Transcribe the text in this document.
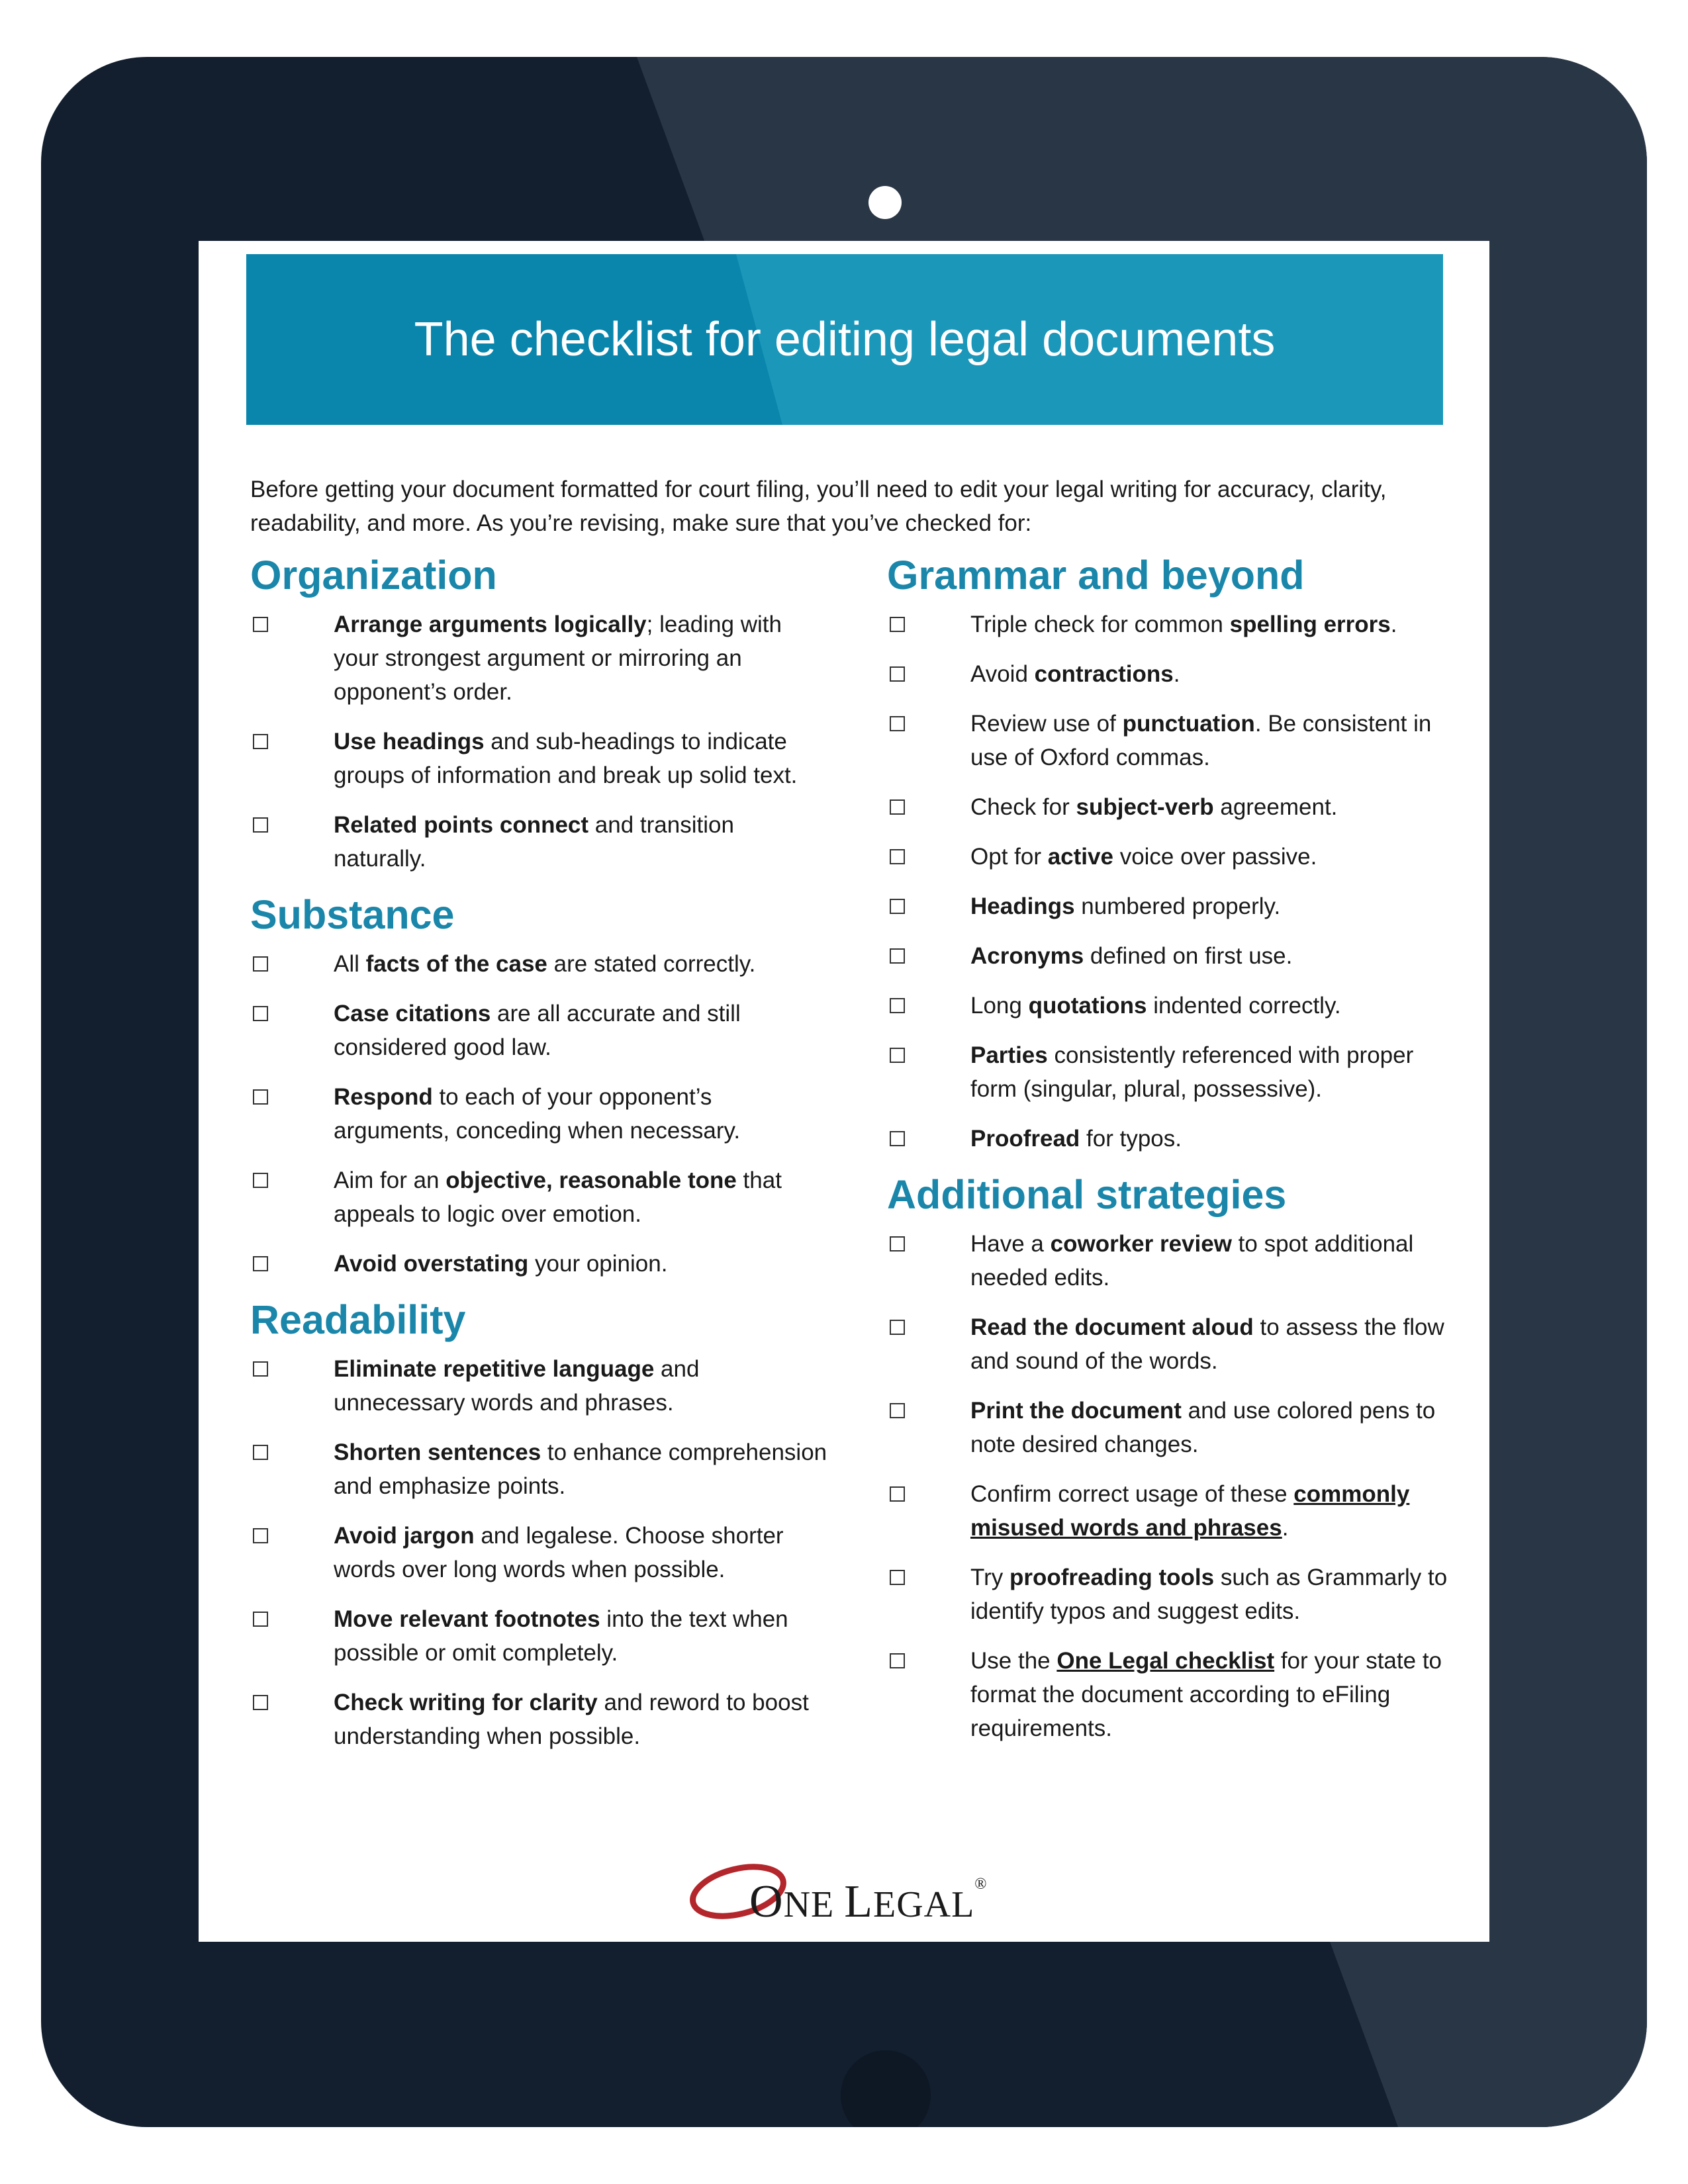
The checklist for editing legal documents

Before getting your document formatted for court filing, you’ll need to edit your legal writing for accuracy, clarity, readability, and more. As you’re revising, make sure that you’ve checked for:

Organization
Arrange arguments logically; leading with your strongest argument or mirroring an opponent’s order.
Use headings and sub-headings to indicate groups of information and break up solid text.
Related points connect and transition naturally.
Substance
All facts of the case are stated correctly.
Case citations are all accurate and still considered good law.
Respond to each of your opponent’s arguments, conceding when necessary.
Aim for an objective, reasonable tone that appeals to logic over emotion.
Avoid overstating your opinion.
Readability
Eliminate repetitive language and unnecessary words and phrases.
Shorten sentences to enhance comprehension and emphasize points.
Avoid jargon and legalese. Choose shorter words over long words when possible.
Move relevant footnotes into the text when possible or omit completely.
Check writing for clarity and reword to boost understanding when possible.
Grammar and beyond
Triple check for common spelling errors.
Avoid contractions.
Review use of punctuation. Be consistent in use of Oxford commas.
Check for subject-verb agreement.
Opt for active voice over passive.
Headings numbered properly.
Acronyms defined on first use.
Long quotations indented correctly.
Parties consistently referenced with proper form (singular, plural, possessive).
Proofread for typos.
Additional strategies
Have a coworker review to spot additional needed edits.
Read the document aloud to assess the flow and sound of the words.
Print the document and use colored pens to note desired changes.
Confirm correct usage of these commonly misused words and phrases.
Try proofreading tools such as Grammarly to identify typos and suggest edits.
Use the One Legal checklist for your state to format the document according to eFiling requirements.
ONE LEGAL®
